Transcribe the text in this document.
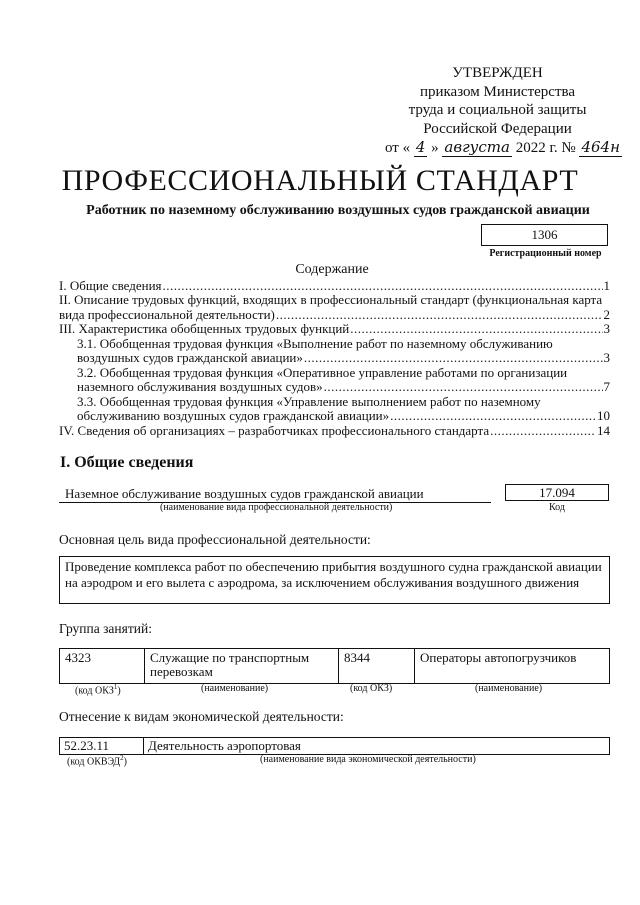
УТВЕРЖДЕН
приказом Министерства
труда и социальной защиты
Российской Федерации
от « 4 » августа 2022 г. № 464н
ПРОФЕССИОНАЛЬНЫЙ СТАНДАРТ
Работник по наземному обслуживанию воздушных судов гражданской авиации
1306
Регистрационный номер
Содержание
I. Общие сведения .....	1
II. Описание трудовых функций, входящих в профессиональный стандарт (функциональная карта
вида профессиональной деятельности) .....	2
III. Характеристика обобщенных трудовых функций .....	3
3.1. Обобщенная трудовая функция «Выполнение работ по наземному обслуживанию
воздушных судов гражданской авиации» .....	3
3.2. Обобщенная трудовая функция «Оперативное управление работами по организации
наземного обслуживания воздушных судов» .....	7
3.3. Обобщенная трудовая функция «Управление выполнением работ по наземному
обслуживанию воздушных судов гражданской авиации» .....	10
IV. Сведения об организациях – разработчиках профессионального стандарта .....	14
I. Общие сведения
Наземное обслуживание воздушных судов гражданской авиации
(наименование вида профессиональной деятельности)
17.094
Код
Основная цель вида профессиональной деятельности:
Проведение комплекса работ по обеспечению прибытия воздушного судна гражданской авиации на аэродром и его вылета с аэродрома, за исключением обслуживания воздушного движения
Группа занятий:
4323	Служащие по транспортным перевозкам	8344	Операторы автопогрузчиков
(код ОКЗ$^1$)	(наименование)	(код ОКЗ)	(наименование)
Отнесение к видам экономической деятельности:
52.23.11	Деятельность аэропортовая
(код ОКВЭД$^2$)	(наименование вида экономической деятельности)
